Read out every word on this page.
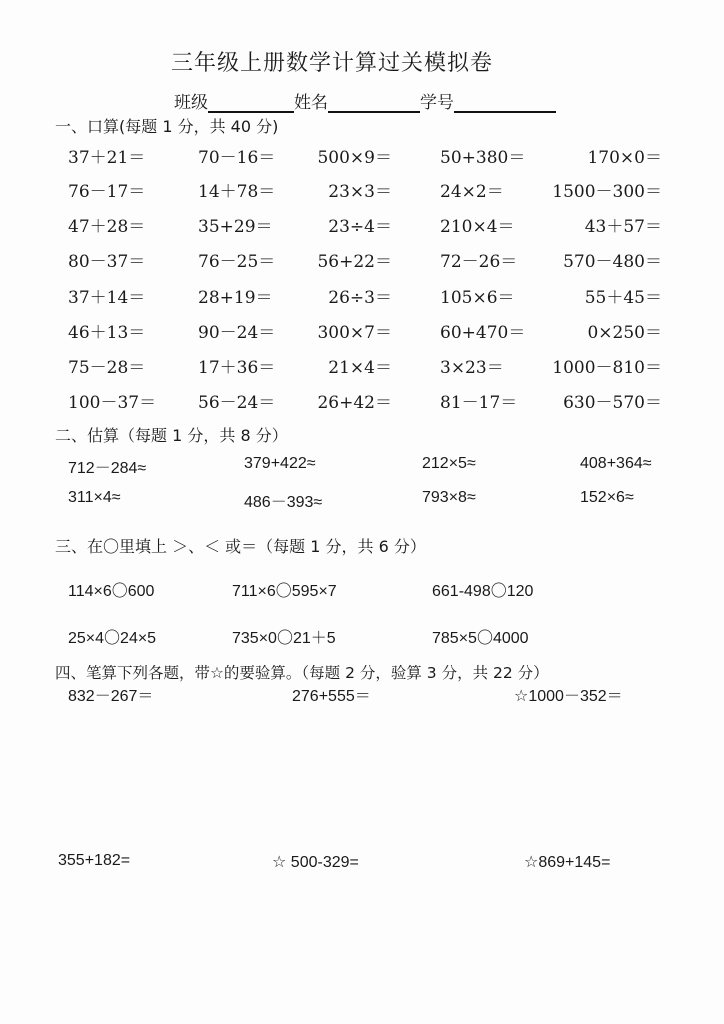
三年级上册数学计算过关模拟卷
班级	姓名	学号
一、口算(每题 1 分，共 40 分)
37＋21＝	70－16＝ 500×9＝	50+380＝	170×0＝
76－17＝	14＋78＝	23×3＝	24×2＝	1500－300＝
47＋28＝	35+29＝	23÷4＝	210×4＝	43＋57＝
80－37＝	76－25＝ 56+22＝	72－26＝	570－480＝
37＋14＝	28+19＝	26÷3＝	105×6＝	55＋45＝
46＋13＝	90－24＝ 300×7＝	60+470＝	0×250＝
75－28＝	17＋36＝	21×4＝	3×23＝	1000－810＝
100－37＝ 56－24＝ 26+42＝	81－17＝	630－570＝
二、估算（每题 1 分，共 8 分）
712－284≈	379+422≈	212×5≈	408+364≈
311×4≈	486－393≈	793×8≈	152×6≈
三、在〇里填上 ＞、＜ 或＝（每题 1 分，共 6 分）
114×6〇600	711×6〇595×7	661-498〇120
25×4〇24×5	735×0〇21＋5	785×5〇4000
四、笔算下列各题，带☆的要验算。（每题 2 分，验算 3 分，共 22 分）
832－267＝	276+555＝	☆1000－352＝
355+182=	☆ 500-329=	☆869+145=
